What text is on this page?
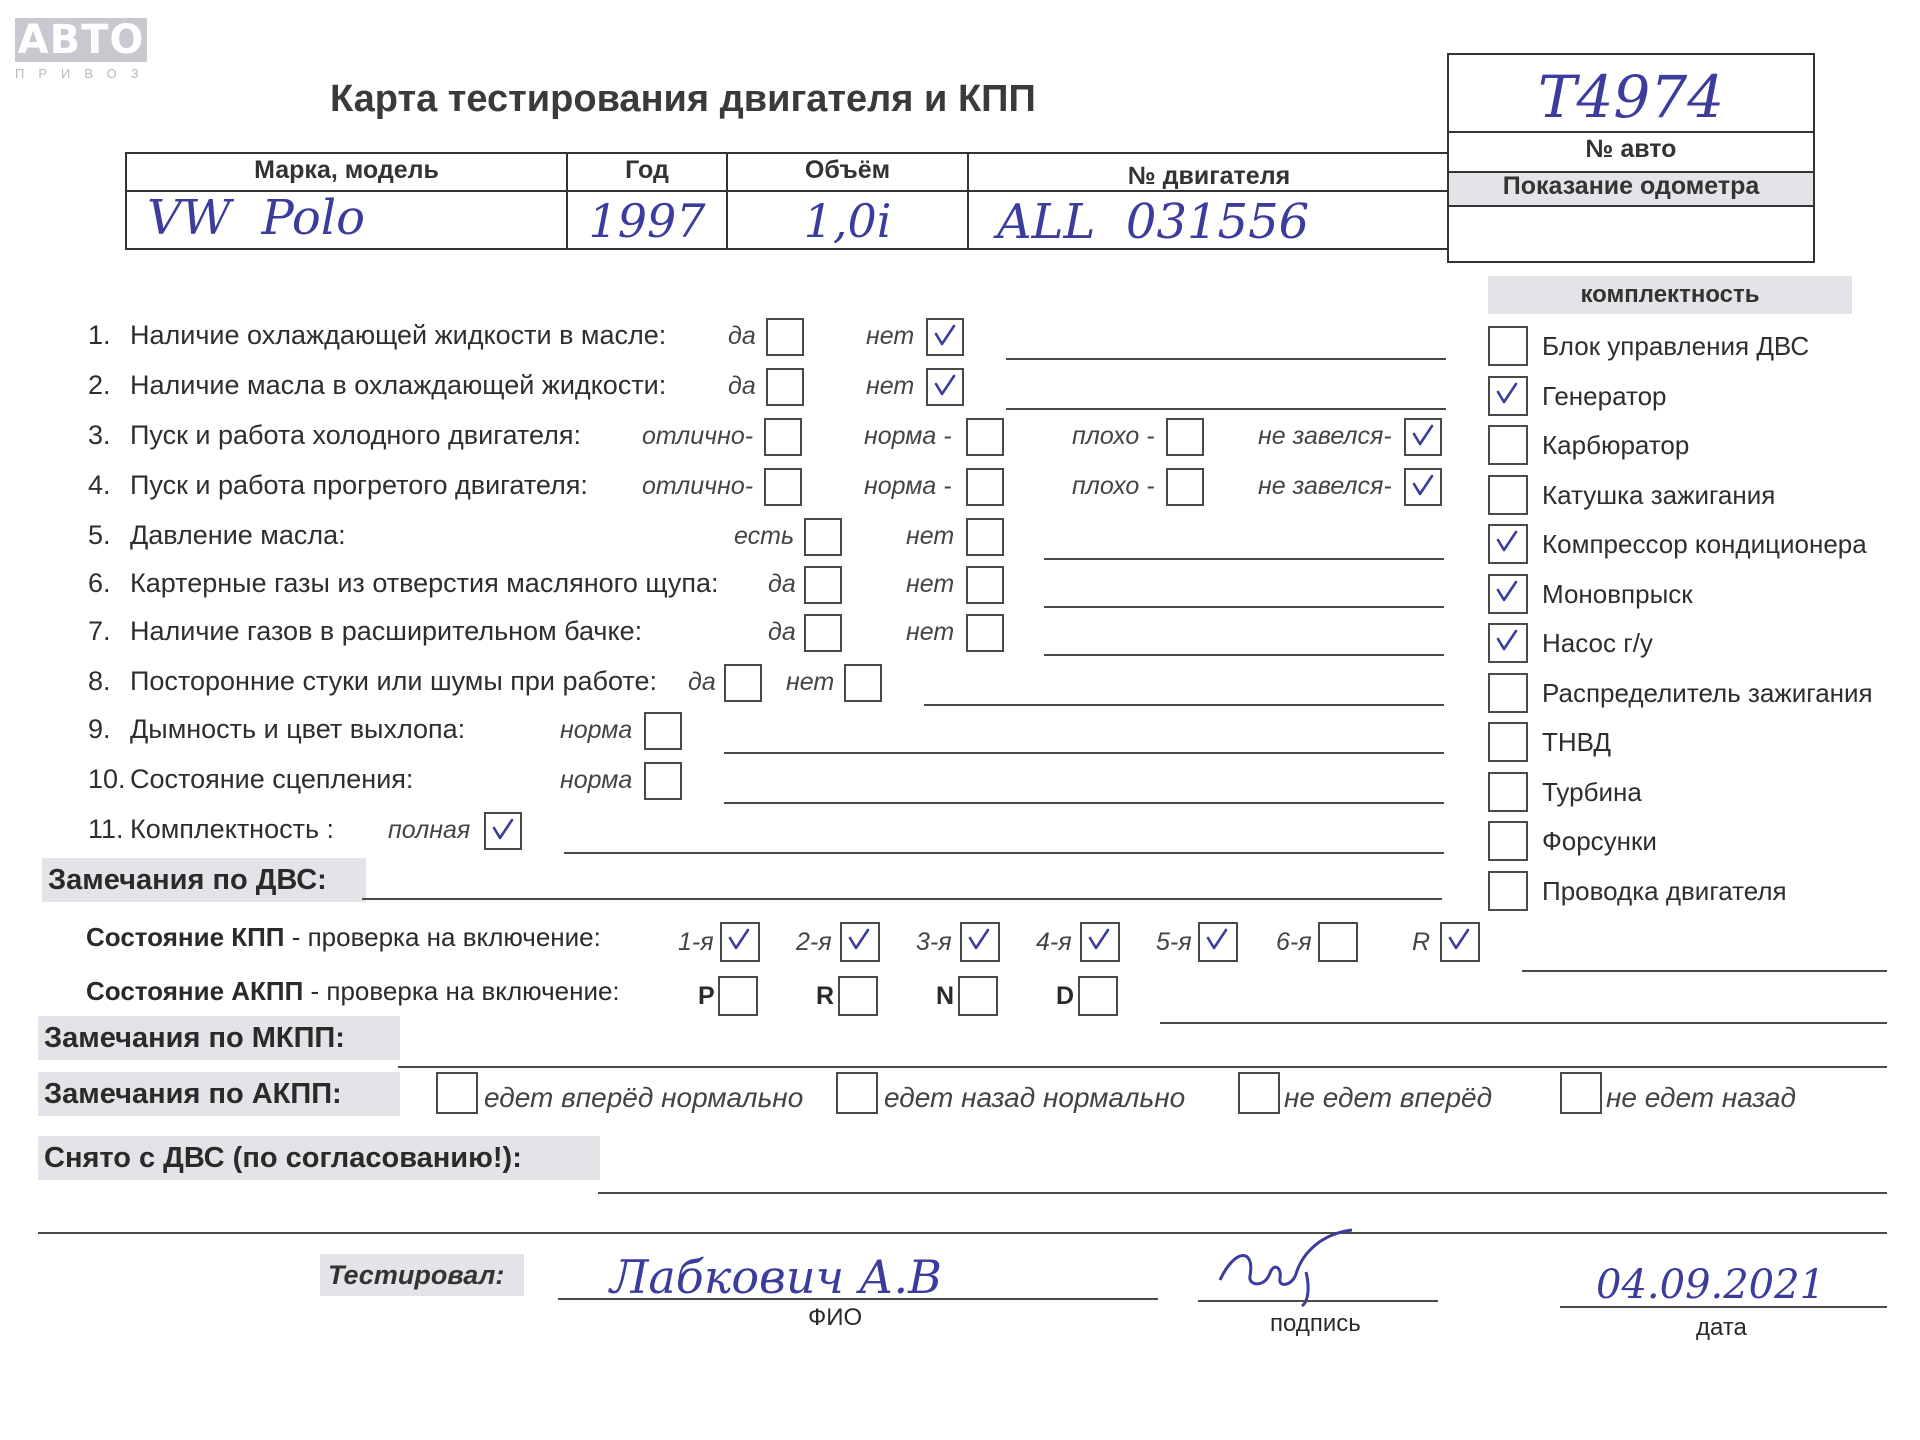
АВТО
ПРИВОЗ
Карта тестирования двигателя и КПП	T4974
№ авто
Показание одометра
Марка, модель	Год	Объём	№ двигателя
VW  Polo	1997	1,0i	ALL  031556
комплектность
1. Наличие охлаждающей жидкости в масле: да	нет
2. Наличие масла в охлаждающей жидкости: да	нет
3. Пуск и работа холодного двигателя: отлично-	норма -	плохо -	не завелся-
4. Пуск и работа прогретого двигателя: отлично-	норма -	плохо -	не завелся-
5. Давление масла:	есть	нет
6. Картерные газы из отверстия масляного щупа: да	нет
7. Наличие газов в расширительном бачке:	да	нет
8. Посторонние стуки или шумы при работе: да	нет
9. Дымность и цвет выхлопа:	норма
10. Состояние сцепления:	норма
11. Комплектность : полная
Блок управления ДВС
Генератор
Карбюратор
Катушка зажигания
Компрессор кондиционера
Моновпрыск
Насос г/у
Распределитель зажигания
ТНВД
Турбина
Форсунки
Проводка двигателя
Замечания по ДВС:
Состояние КПП - проверка на включение:	1-я	2-я	3-я	4-я	5-я	6-я	R
Состояние АКПП - проверка на включение:	P	R	N	D
Замечания по МКПП:
Замечания по АКПП:	едет вперёд нормально	едет назад нормально	не едет вперёд	не едет назад
Снято с ДВС (по согласованию!):
Тестировал:	Лабкович А.В
ФИО	подпись
04.09.2021
дата
